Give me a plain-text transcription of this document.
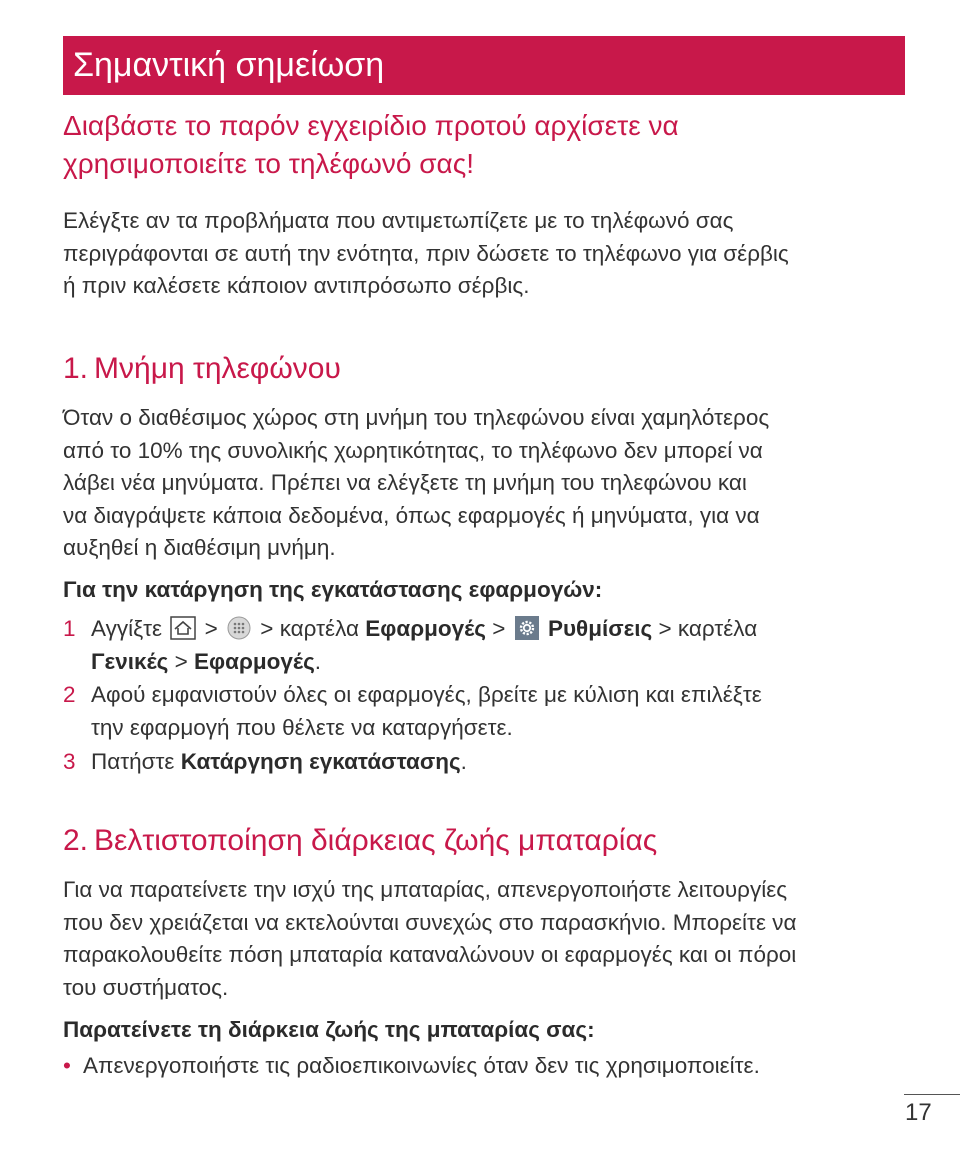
Σημαντική σημείωση
Διαβάστε το παρόν εγχειρίδιο προτού αρχίσετε να
χρησιμοποιείτε το τηλέφωνό σας!
Ελέγξτε αν τα προβλήματα που αντιμετωπίζετε με το τηλέφωνό σας
περιγράφονται σε αυτή την ενότητα, πριν δώσετε το τηλέφωνο για σέρβις
ή πριν καλέσετε κάποιον αντιπρόσωπο σέρβις.
1. Μνήμη τηλεφώνου
Όταν ο διαθέσιμος χώρος στη μνήμη του τηλεφώνου είναι χαμηλότερος
από το 10% της συνολικής χωρητικότητας, το τηλέφωνο δεν μπορεί να
λάβει νέα μηνύματα. Πρέπει να ελέγξετε τη μνήμη του τηλεφώνου και
να διαγράψετε κάποια δεδομένα, όπως εφαρμογές ή μηνύματα, για να
αυξηθεί η διαθέσιμη μνήμη.
Για την κατάργηση της εγκατάστασης εφαρμογών:
1 Αγγίξτε > > καρτέλα Εφαρμογές > Ρυθμίσεις > καρτέλα
Γενικές > Εφαρμογές.
2 Αφού εμφανιστούν όλες οι εφαρμογές, βρείτε με κύλιση και επιλέξτε
την εφαρμογή που θέλετε να καταργήσετε.
3 Πατήστε Κατάργηση εγκατάστασης.
2. Βελτιστοποίηση διάρκειας ζωής μπαταρίας
Για να παρατείνετε την ισχύ της μπαταρίας, απενεργοποιήστε λειτουργίες
που δεν χρειάζεται να εκτελούνται συνεχώς στο παρασκήνιο. Μπορείτε να
παρακολουθείτε πόση μπαταρία καταναλώνουν οι εφαρμογές και οι πόροι
του συστήματος.
Παρατείνετε τη διάρκεια ζωής της μπαταρίας σας:
• Απενεργοποιήστε τις ραδιοεπικοινωνίες όταν δεν τις χρησιμοποιείτε.
17
